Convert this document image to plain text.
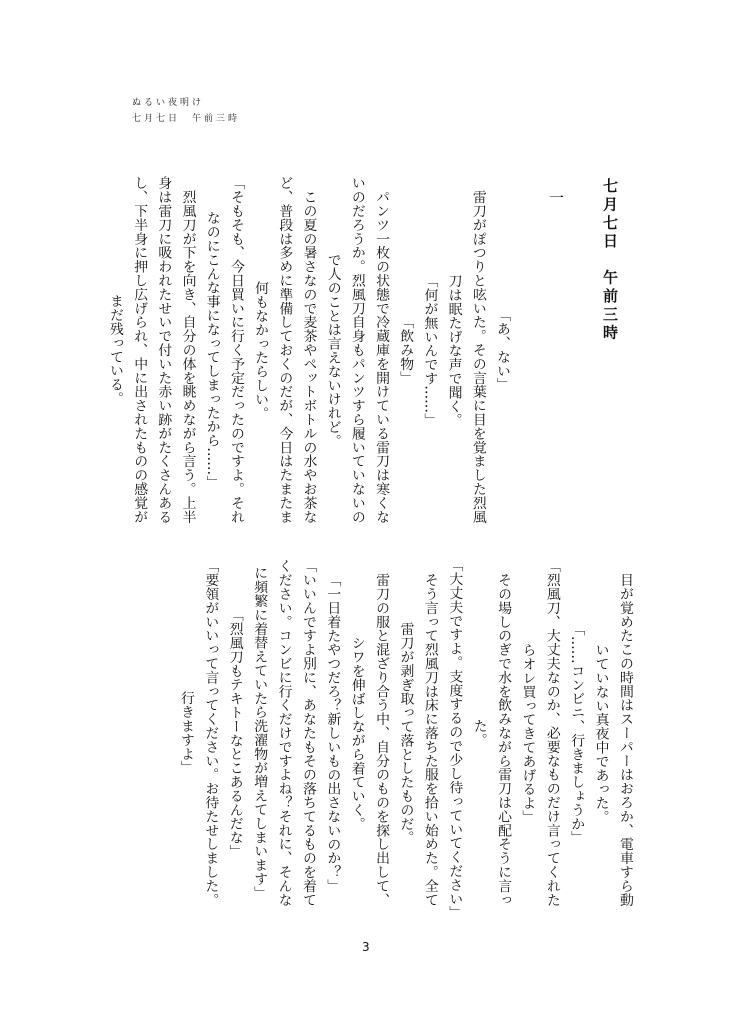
ぬるい夜明け
七月七日　午前三時
七月七日　午前三時
一
「あ、ない」
　雷刀がぽつりと呟いた。その言葉に目を覚ました烈風
刀は眠たげな声で聞く。
「何が無いんです……」
「飲み物」
　パンツ一枚の状態で冷蔵庫を開けている雷刀は寒くな
いのだろうか。烈風刀自身もパンツすら履いていないの
で人のことは言えないけれど。
　この夏の暑さなので麦茶やペットボトルの水やお茶な
ど、普段は多めに準備しておくのだが、今日はたまたま
何もなかったらしい。
「そもそも、今日買いに行く予定だったのですよ。それ
なのにこんな事になってしまったから……」
　烈風刀が下を向き、自分の体を眺めながら言う。上半
身は雷刀に吸われたせいで付いた赤い跡がたくさんある
し、下半身に押し広げられ、中に出されたものの感覚が
まだ残っている。
　目が覚めたこの時間はスーパーはおろか、電車すら動
いていない真夜中であった。
「……コンビニ、行きましょうか」
「烈風刀、大丈夫なのか、必要なものだけ言ってくれた
らオレ買ってきてあげるよ」
　その場しのぎで水を飲みながら雷刀は心配そうに言っ
た。
「大丈夫ですよ。支度するので少し待っていてください」
　そう言って烈風刀は床に落ちた服を拾い始めた。全て
雷刀が剥ぎ取って落としたものだ。
　雷刀の服と混ざり合う中、自分のものを探し出して、
シワを伸ばしながら着ていく。
「一日着たやつだろ？新しいもの出さないのか？」
「いいんですよ別に、あなたもその落ちてるものを着て
ください。コンビに行くだけですよね？それに、そんな
に頻繁に着替えていたら洗濯物が増えてしまいます」
「烈風刀もテキトーなとこあるんだな」
「要領がいいって言ってください。お待たせしました。
行きますよ」
3
